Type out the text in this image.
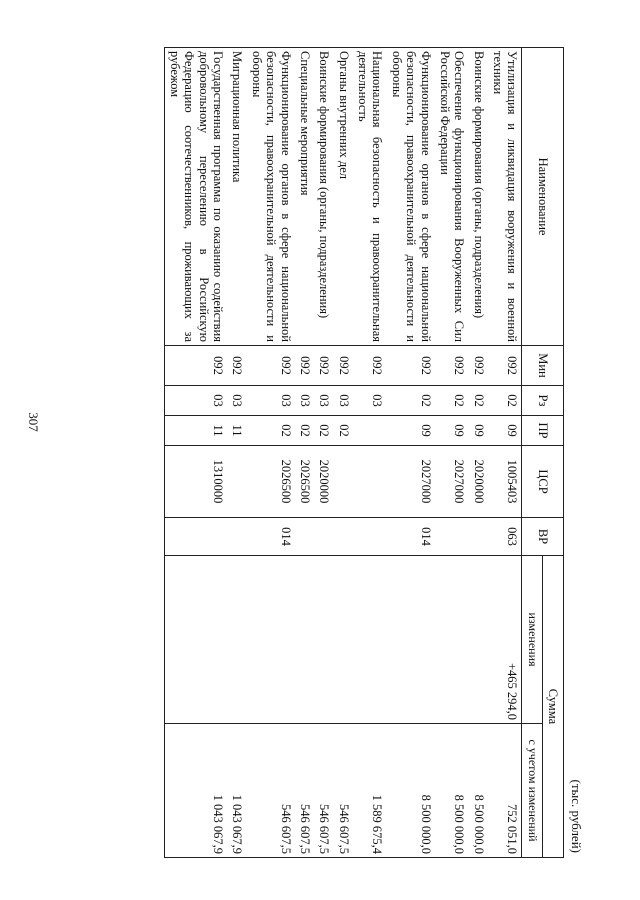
307
(тыс. рублей)
Наименование	Мин	Рз	ПР	ЦСР	ВР	Сумма	
						изменения	с учетом изменений
Утилизация и ликвидация вооружения и военной техники	092	02	09	1005403	063	+465 294,0	752 051,0
Воинские формирования (органы, подразделения)	092	02	09	2020000			8 500 000,0
Обеспечение функционирования Вооруженных Сил Российской Федерации	092	02	09	2027000			8 500 000,0
Функционирование органов в сфере национальной безопасности, правоохранительной деятельности и обороны	092	02	09	2027000	014		8 500 000,0
Национальная безопасность и правоохранительная деятельность	092	03					1 589 675,4
Органы внутренних дел	092	03	02				546 607,5
Воинские формирования (органы, подразделения)	092	03	02	2020000			546 607,5
Специальные мероприятия	092	03	02	2026500			546 607,5
Функционирование органов в сфере национальной безопасности, правоохранительной деятельности и обороны	092	03	02	2026500	014		546 607,5
Миграционная политика	092	03	11				1 043 067,9
Государственная программа по оказанию содействия добровольному переселению в Российскую Федерацию соотечественников, проживающих за рубежом	092	03	11	1310000			1 043 067,9
